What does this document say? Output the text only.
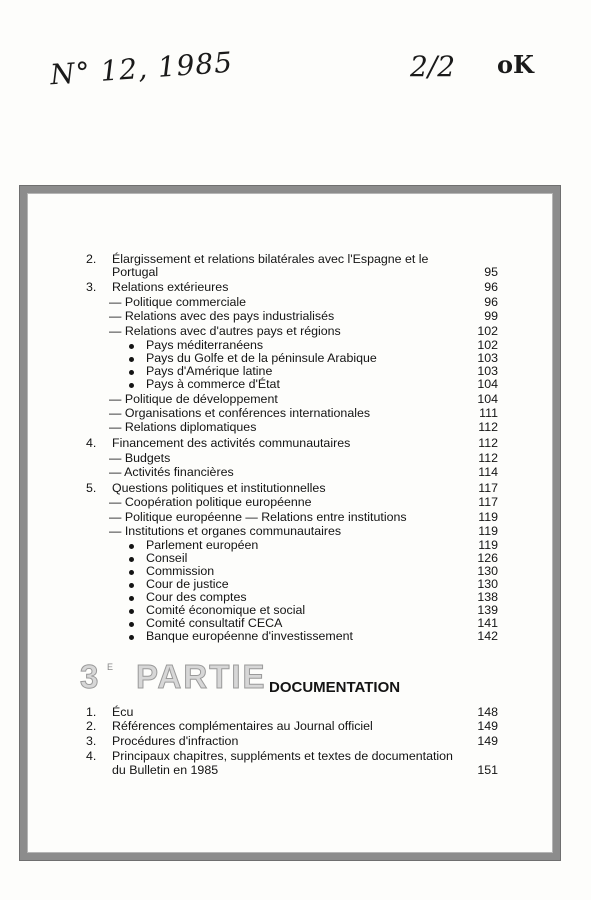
N° 12, 1985	2/2 oK
2. Élargissement et relations bilatérales avec l'Espagne et le
Portugal	95
3. Relations extérieures	96
— Politique commerciale	96
— Relations avec des pays industrialisés	99
— Relations avec d'autres pays et régions	102
Pays méditerranéens	102
Pays du Golfe et de la péninsule Arabique	103
Pays d'Amérique latine	103
Pays à commerce d'État	104
— Politique de développement	104
— Organisations et conférences internationales	111
— Relations diplomatiques	112
4. Financement des activités communautaires	112
— Budgets	112
— Activités financières	114
5. Questions politiques et institutionnelles	117
— Coopération politique européenne	117
— Politique européenne — Relations entre institutions	119
— Institutions et organes communautaires	119
Parlement européen	119
Conseil	126
Commission	130
Cour de justice	130
Cour des comptes	138
Comité économique et social	139
Comité consultatif CECA	141
Banque européenne d'investissement	142
3 E PARTIE DOCUMENTATION
1. Écu	148
2. Références complémentaires au Journal officiel	149
3. Procédures d'infraction	149
4. Principaux chapitres, suppléments et textes de documentation
du Bulletin en 1985	151
